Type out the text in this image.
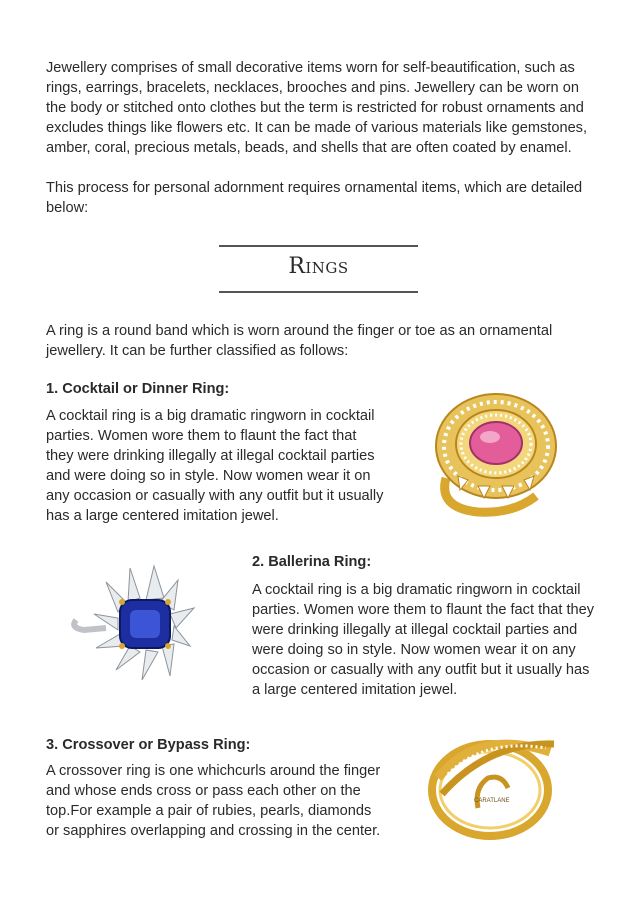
Jewellery comprises of small decorative items worn for self-beautification, such as rings, earrings, bracelets, necklaces, brooches and pins. Jewellery can be worn on the body or stitched onto clothes but the term is restricted for robust ornaments and excludes things like flowers etc. It can be made of various materials like gemstones, amber, coral, precious metals, beads, and shells that are often coated by enamel.

This process for personal adornment requires ornamental items, which are detailed below:

Rings

A ring is a round band which is worn around the finger or toe as an ornamental jewellery. It can be further classified as follows:

1. Cocktail or Dinner Ring:

A cocktail ring is a big dramatic ringworn in cocktail parties. Women wore them to flaunt the fact that they were drinking illegally at illegal cocktail parties and were doing so in style. Now women wear it on any occasion or casually with any outfit but it usually has a large centered imitation jewel.

2. Ballerina Ring:

A cocktail ring is a big dramatic ringworn in cocktail parties. Women wore them to flaunt the fact that they were drinking illegally at illegal cocktail parties and were doing so in style. Now women wear it on any occasion or casually with any outfit but it usually has a large centered imitation jewel.

3. Crossover or Bypass Ring:

A crossover ring is one whichcurls around the finger and whose ends cross or pass each other on the top.For example a pair of rubies, pearls, diamonds or sapphires overlapping and crossing in the center.

CARATLANE
